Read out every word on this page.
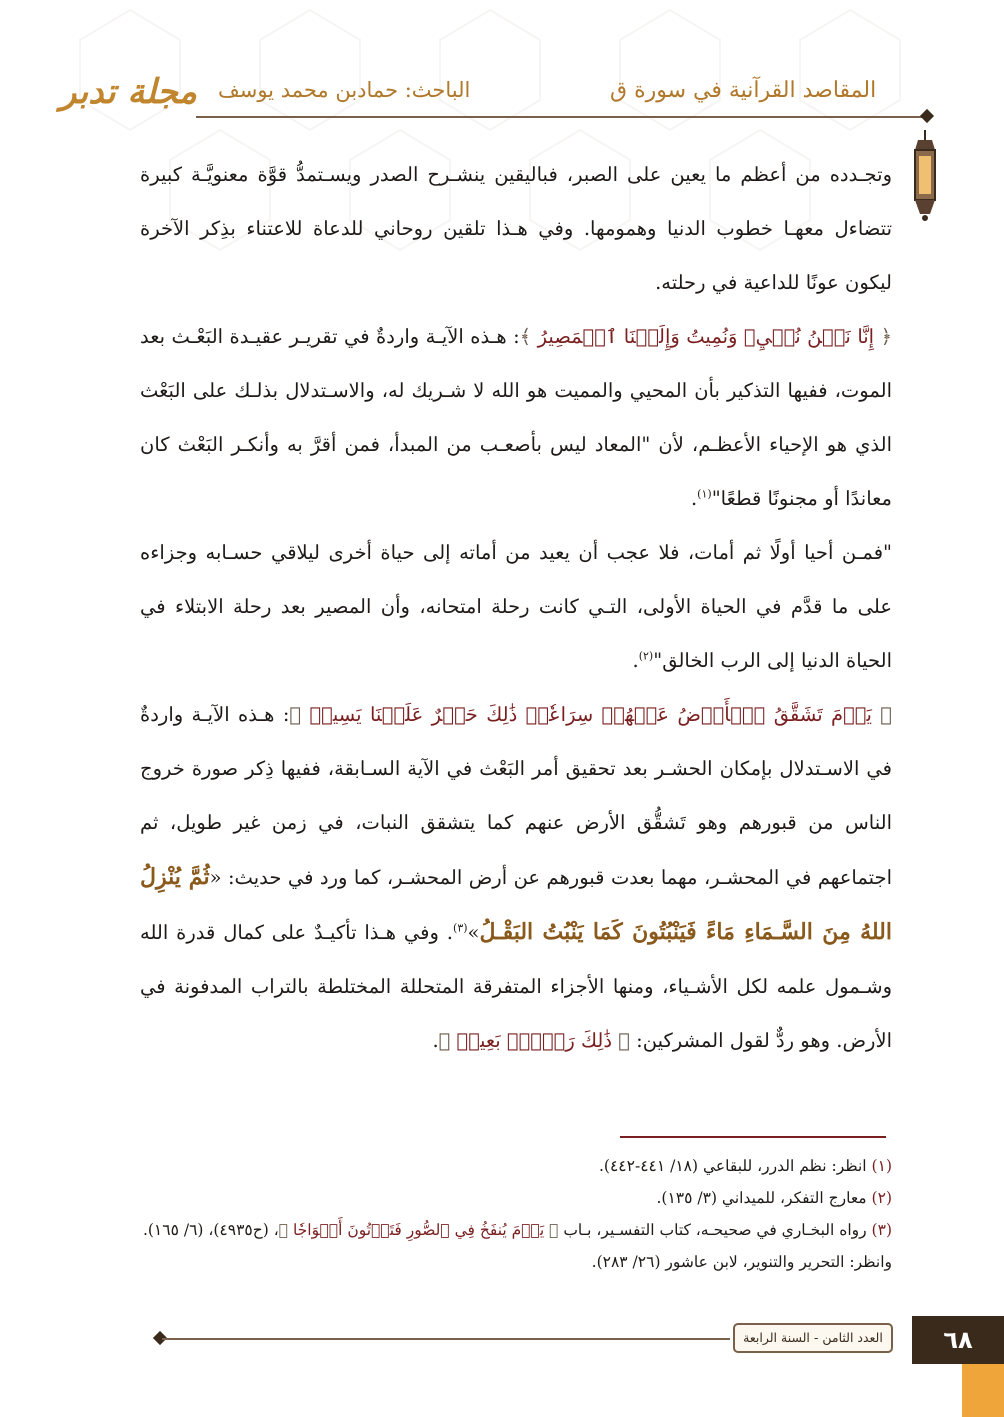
مجلة تدبر الباحث: حمادبن محمد يوسف	المقاصد القرآنية في سورة ق

وتجـدده من أعظم ما يعين على الصبر، فباليقين ينشـرح الصدر ويسـتمدُّ قوَّة معنويَّـة كبيرة تتضاءل معهـا خطوب الدنيا وهمومها. وفي هـذا تلقين روحاني للدعاة للاعتناء بذِكر الآخرة ليكون عونًا للداعية في رحلته.

﴿ إِنَّا نَحۡنُ نُحۡيِۦ وَنُمِيتُ وَإِلَيۡنَا ٱلۡمَصِيرُ ﴾: هـذه الآيـة واردةٌ في تقريـر عقيـدة البَعْـث بعد الموت، ففيها التذكير بأن المحيي والمميت هو الله لا شـريك له، والاسـتدلال بذلـك على البَعْث الذي هو الإحياء الأعظـم، لأن "المعاد ليس بأصعـب من المبدأ، فمن أقرَّ به وأنكـر البَعْث كان معاندًا أو مجنونًا قطعًا"$^{(١)}$.

"فمـن أحيا أولًا ثم أمات، فلا عجب أن يعيد من أماته إلى حياة أخرى ليلاقي حسـابه وجزاءه على ما قدَّم في الحياة الأولى، التـي كانت رحلة امتحانه، وأن المصير بعد رحلة الابتلاء في الحياة الدنيا إلى الرب الخالق"$^{(٢)}$.

﴿ يَوۡمَ تَشَقَّقُ ٱلۡأَرۡضُ عَنۡهُمۡ سِرَاعٗاۚ ذَٰلِكَ حَشۡرٌ عَلَيۡنَا يَسِيرٞ ﴾: هـذه الآيـة واردةٌ في الاسـتدلال بإمكان الحشـر بعد تحقيق أمر البَعْث في الآية السـابقة، ففيها ذِكر صورة خروج الناس من قبورهم وهو تَشقُّق الأرض عنهم كما يتشقق النبات، في زمن غير طويل، ثم اجتماعهم في المحشـر، مهما بعدت قبورهم عن أرض المحشـر، كما ورد في حديث: «ثُمَّ يُنْزِلُ اللهُ مِنَ السَّـمَاءِ مَاءً فَيَنْبُتُونَ كَمَا يَنْبُتُ البَقْـلُ»$^{(٣)}$. وفي هـذا تأكيـدٌ على كمال قدرة الله وشـمول علمه لكل الأشـياء، ومنها الأجزاء المتفرقة المتحللة المختلطة بالتراب المدفونة في الأرض. وهو ردٌّ لقول المشركين: ﴿ ذَٰلِكَ رَجۡعُۢ بَعِيدٞ ﴾.

(١) انظر: نظم الدرر، للبقاعي (١٨/ ٤٤١-٤٤٢).

(٢) معارج التفكر، للميداني (٣/ ١٣٥).

(٣) رواه البخـاري في صحيحـه، كتاب التفسـير، بـاب ﴿ يَوۡمَ يُنفَخُ فِي ٱلصُّورِ فَتَأۡتُونَ أَفۡوَاجٗا ﴾، (ح٤٩٣٥)، (٦/ ١٦٥). وانظر: التحرير والتنوير، لابن عاشور (٢٦/ ٢٨٣).

العدد الثامن - السنة الرابعة	٦٨
